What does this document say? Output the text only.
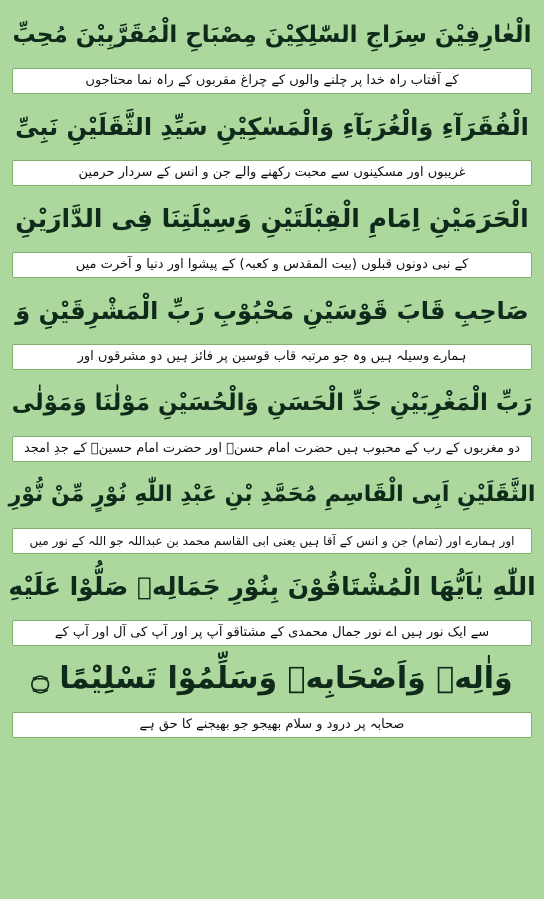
الْعٰارِفِیْنَ سِرَاجِ السّٰلِکِیْنَ مِصْبَاحِ الْمُقَرَّبِیْنَ مُحِبِّ
کے آفتاب راہ خدا پر چلنے والوں کے چراغ مقربوں کے راہ نما محتاجوں
الْفُقَرَآءِ وَالْغُرَبَآءِ وَالْمَسٰکِیْنِ سَیِّدِ الثَّقَلَیْنِ نَبِیِّ
غریبوں اور مسکینوں سے محبت رکھنے والے جن و انس کے سردار حرمین
الْحَرَمَیْنِ اِمَامِ الْقِبْلَتَیْنِ وَسِیْلَتِنَا فِی الدَّارَیْنِ
کے نبی دونوں قبلوں (بیت المقدس و کعبہ) کے پیشوا اور دنیا و آخرت میں
صَاحِبِ قَابَ قَوْسَیْنِ مَحْبُوْبِ رَبِّ الْمَشْرِقَیْنِ وَ
ہمارے وسیلہ ہیں وہ جو مرتبہ قاب قوسین پر فائز ہیں دو مشرقوں اور
رَبِّ الْمَغْرِبَیْنِ جَدِّ الْحَسَنِ وَالْحُسَیْنِ مَوْلٰنَا وَمَوْلٰی
دو مغربوں کے رب کے محبوب ہیں حضرت امام حسنؓ اور حضرت امام حسینؓ کے جدِ امجد
الثَّقَلَیْنِ اَبِی الْقَاسِمِ مُحَمَّدِ بْنِ عَبْدِ اللّٰهِ نُوْرٍ مِّنْ نُّوْرِ
اور ہمارے اور (تمام) جن و انس کے آقا ہیں یعنی ابی القاسم محمد بن عبداللہ جو اللہ کے نور میں
اللّٰهِ یٰاَیُّهَا الْمُشْتَاقُوْنَ بِنُوْرِ جَمَالِهٖ صَلُّوْا عَلَیْهِ
سے ایک نور ہیں اے نور جمال محمدی کے مشتاقو آپ پر اور آپ کی آل اور آپ کے
وَاٰلِهٖ وَاَصْحَابِهٖ وَسَلِّمُوْا تَسْلِیْمًا ۝
صحابہ پر درود و سلام بھیجو جو بھیجنے کا حق ہے
